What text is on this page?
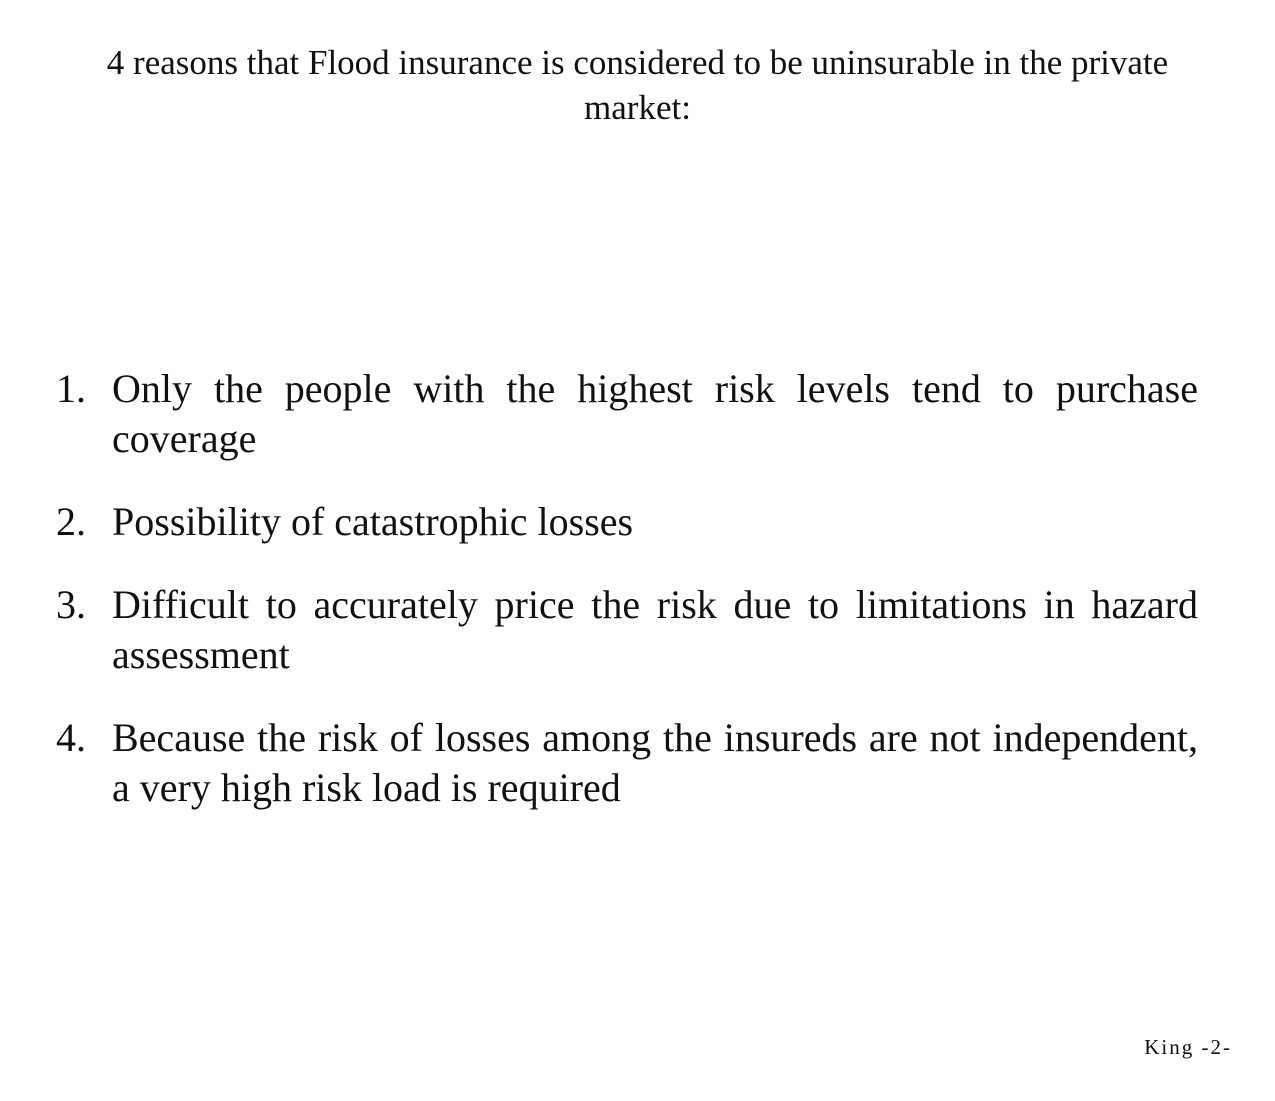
4 reasons that Flood insurance is considered to be uninsurable in the private market:
1. Only the people with the highest risk levels tend to purchase coverage
2. Possibility of catastrophic losses
3. Difficult to accurately price the risk due to limitations in hazard assessment
4. Because the risk of losses among the insureds are not independent, a very high risk load is required
King -2-
